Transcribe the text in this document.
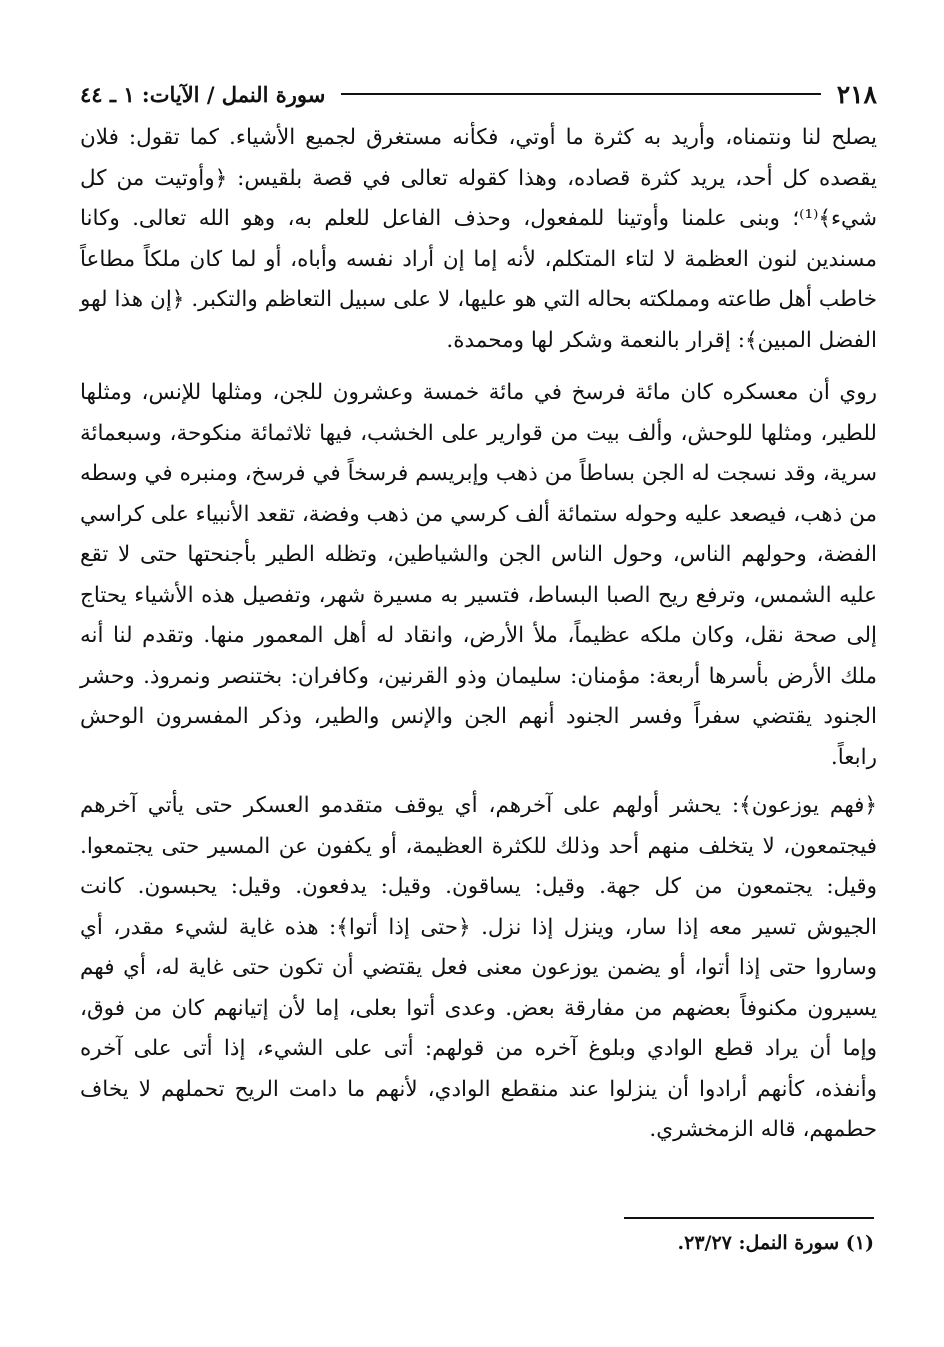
٢١٨
سورة النمل / الآيات: ١ ـ ٤٤

يصلح لنا ونتمناه، وأريد به كثرة ما أوتي، فكأنه مستغرق لجميع الأشياء. كما تقول: فلان يقصده كل أحد، يريد كثرة قصاده، وهذا كقوله تعالى في قصة بلقيس: ﴿وأوتيت من كل شيء﴾⁽¹⁾؛ وبنى علمنا وأوتينا للمفعول، وحذف الفاعل للعلم به، وهو الله تعالى. وكانا مسندين لنون العظمة لا لتاء المتكلم، لأنه إما إن أراد نفسه وأباه، أو لما كان ملكاً مطاعاً خاطب أهل طاعته ومملكته بحاله التي هو عليها، لا على سبيل التعاظم والتكبر. ﴿إن هذا لهو الفضل المبين﴾: إقرار بالنعمة وشكر لها ومحمدة.

روي أن معسكره كان مائة فرسخ في مائة خمسة وعشرون للجن، ومثلها للإنس، ومثلها للطير، ومثلها للوحش، وألف بيت من قوارير على الخشب، فيها ثلاثمائة منكوحة، وسبعمائة سرية، وقد نسجت له الجن بساطاً من ذهب وإبريسم فرسخاً في فرسخ، ومنبره في وسطه من ذهب، فيصعد عليه وحوله ستمائة ألف كرسي من ذهب وفضة، تقعد الأنبياء على كراسي الفضة، وحولهم الناس، وحول الناس الجن والشياطين، وتظله الطير بأجنحتها حتى لا تقع عليه الشمس، وترفع ريح الصبا البساط، فتسير به مسيرة شهر، وتفصيل هذه الأشياء يحتاج إلى صحة نقل، وكان ملكه عظيماً، ملأ الأرض، وانقاد له أهل المعمور منها. وتقدم لنا أنه ملك الأرض بأسرها أربعة: مؤمنان: سليمان وذو القرنين، وكافران: بختنصر ونمروذ. وحشر الجنود يقتضي سفراً وفسر الجنود أنهم الجن والإنس والطير، وذكر المفسرون الوحش رابعاً.

﴿فهم يوزعون﴾: يحشر أولهم على آخرهم، أي يوقف متقدمو العسكر حتى يأتي آخرهم فيجتمعون، لا يتخلف منهم أحد وذلك للكثرة العظيمة، أو يكفون عن المسير حتى يجتمعوا. وقيل: يجتمعون من كل جهة. وقيل: يساقون. وقيل: يدفعون. وقيل: يحبسون. كانت الجيوش تسير معه إذا سار، وينزل إذا نزل. ﴿حتى إذا أتوا﴾: هذه غاية لشيء مقدر، أي وساروا حتى إذا أتوا، أو يضمن يوزعون معنى فعل يقتضي أن تكون حتى غاية له، أي فهم يسيرون مكنوفاً بعضهم من مفارقة بعض. وعدى أتوا بعلى، إما لأن إتيانهم كان من فوق، وإما أن يراد قطع الوادي وبلوغ آخره من قولهم: أتى على الشيء، إذا أتى على آخره وأنفذه، كأنهم أرادوا أن ينزلوا عند منقطع الوادي، لأنهم ما دامت الريح تحملهم لا يخاف حطمهم، قاله الزمخشري.

(١) سورة النمل: ٢٣/٢٧.
